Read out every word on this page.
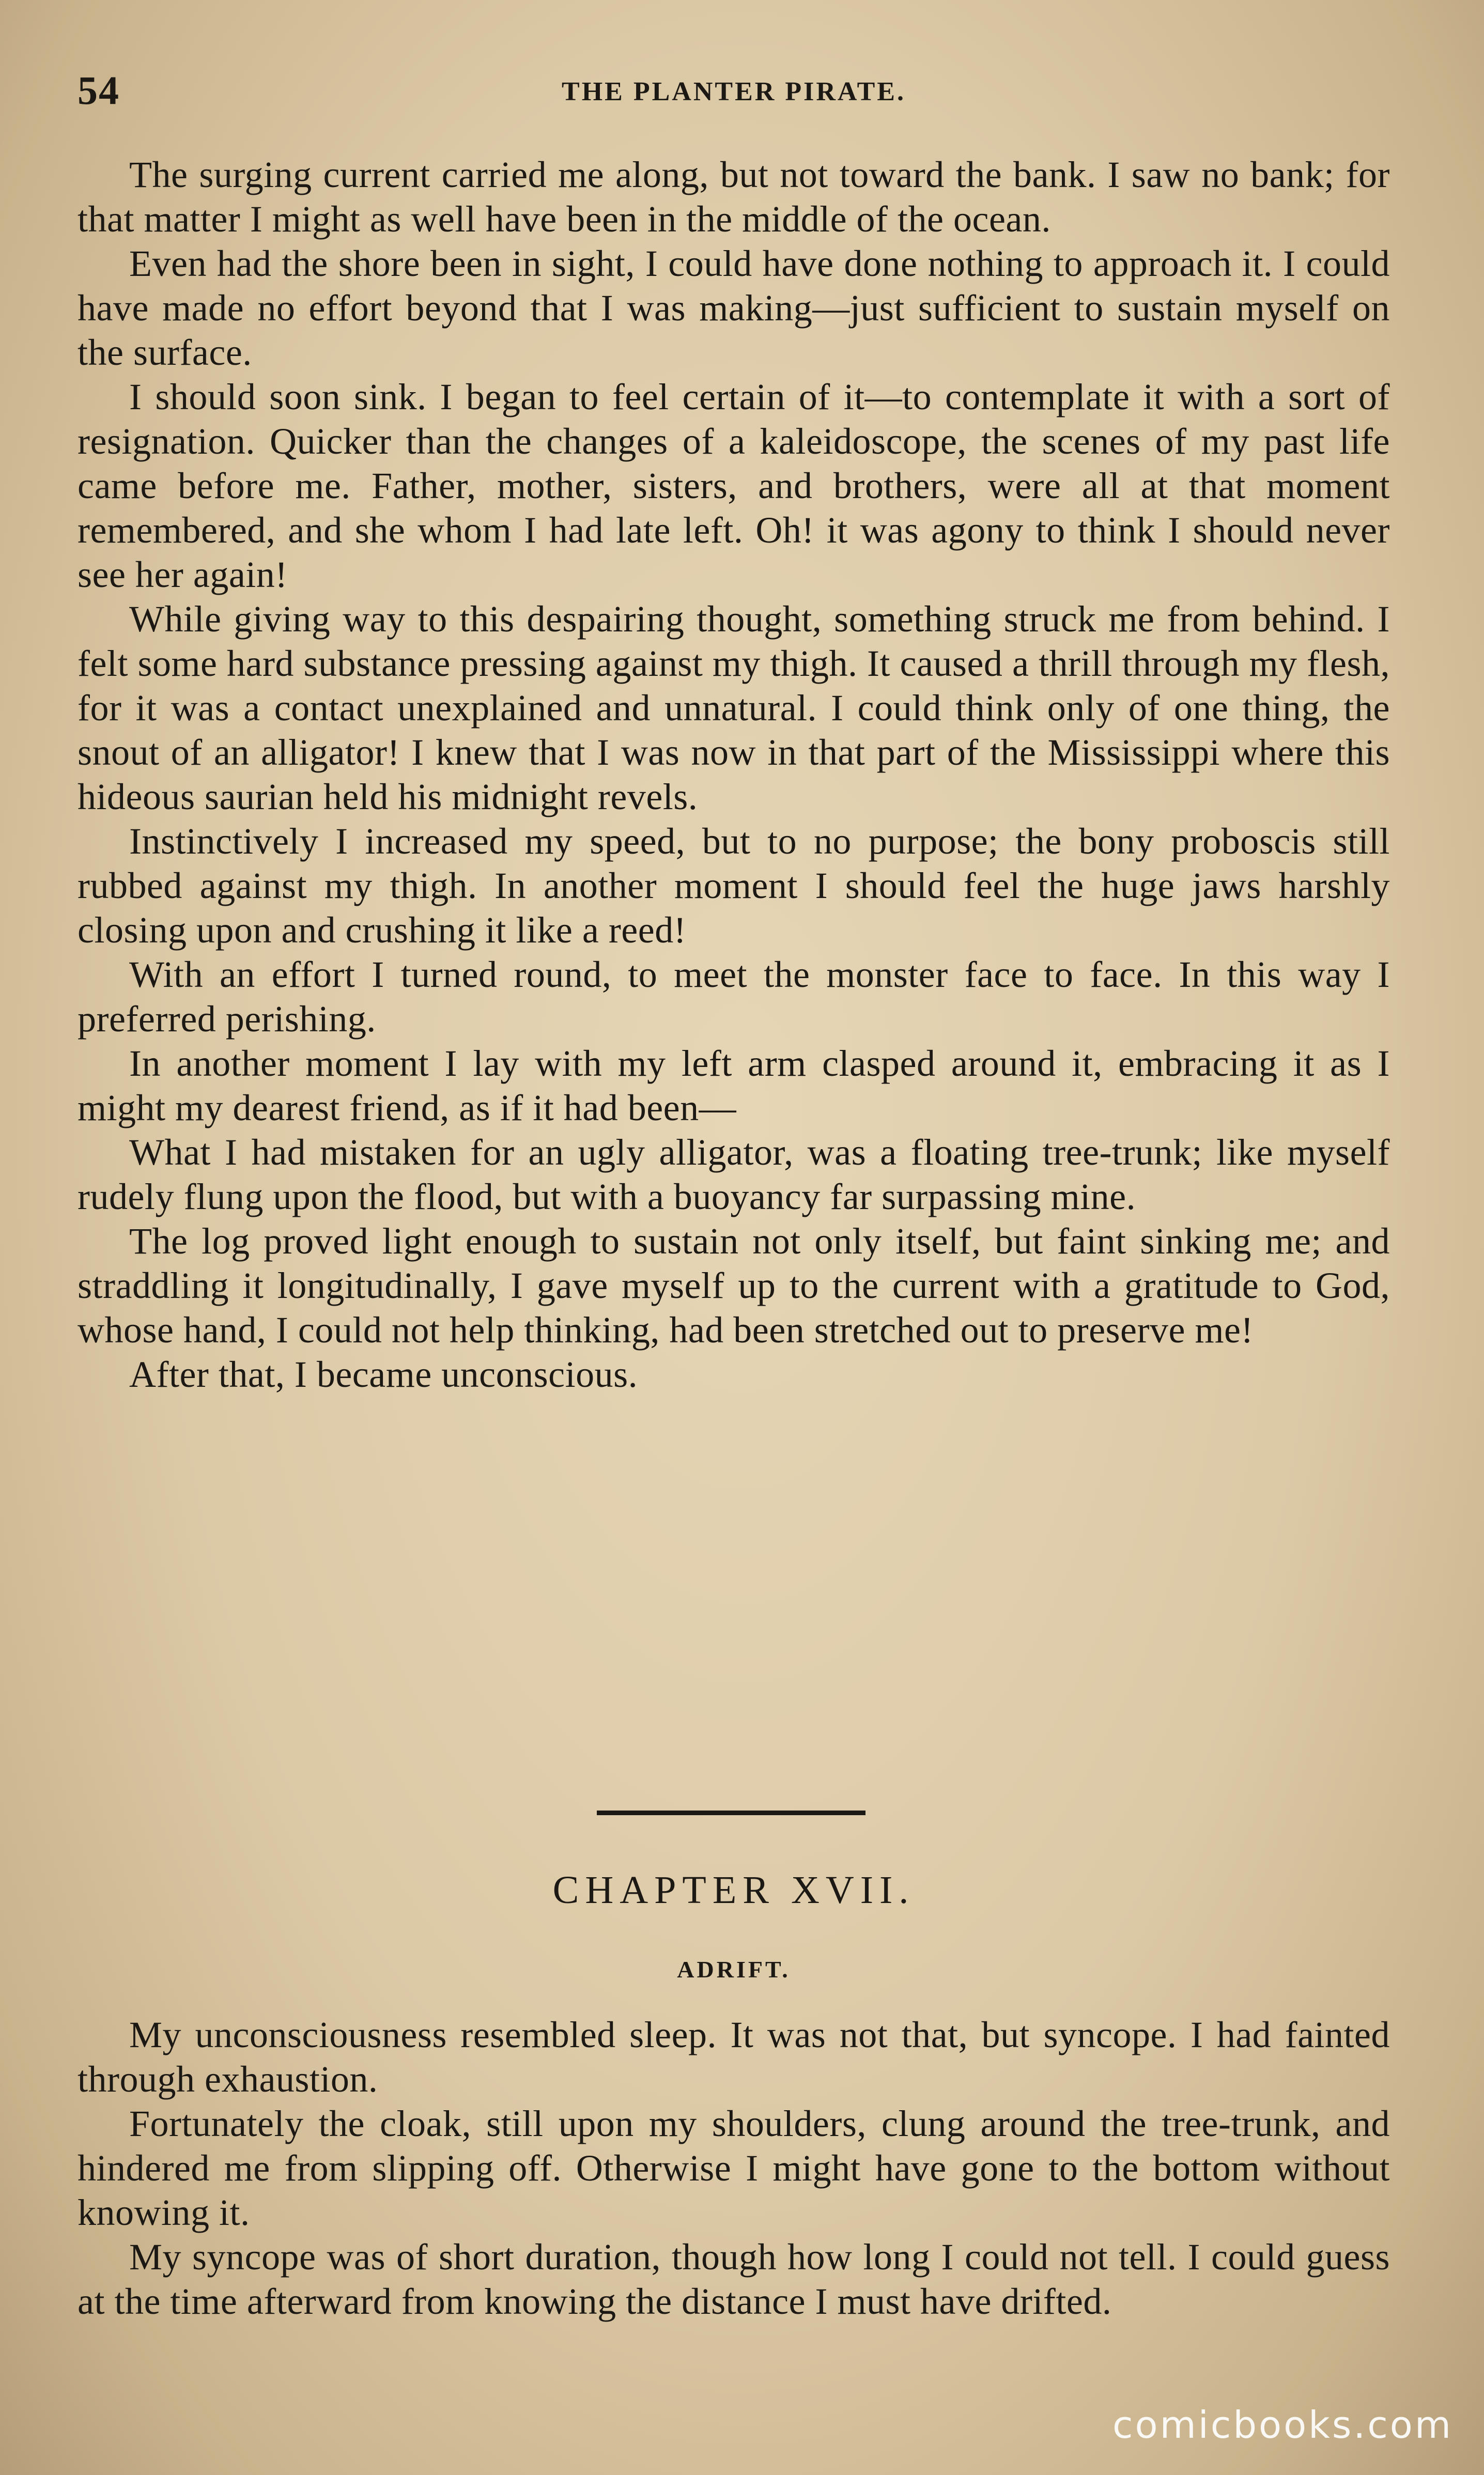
54	THE PLANTER PIRATE.

The surging current carried me along, but not toward the bank. I saw no bank; for that matter I might as well have been in the middle of the ocean.

Even had the shore been in sight, I could have done nothing to approach it. I could have made no effort beyond that I was making—just sufficient to sustain myself on the surface.

I should soon sink. I began to feel certain of it—to contemplate it with a sort of resignation. Quicker than the changes of a kaleidoscope, the scenes of my past life came before me. Father, mother, sisters, and brothers, were all at that moment remembered, and she whom I had late left. Oh! it was agony to think I should never see her again!

While giving way to this despairing thought, something struck me from behind. I felt some hard substance pressing against my thigh. It caused a thrill through my flesh, for it was a contact unexplained and unnatural. I could think only of one thing, the snout of an alligator! I knew that I was now in that part of the Mississippi where this hideous saurian held his midnight revels.

Instinctively I increased my speed, but to no purpose; the bony proboscis still rubbed against my thigh. In another moment I should feel the huge jaws harshly closing upon and crushing it like a reed!

With an effort I turned round, to meet the monster face to face. In this way I preferred perishing.

In another moment I lay with my left arm clasped around it, embracing it as I might my dearest friend, as if it had been—

What I had mistaken for an ugly alligator, was a floating tree-trunk; like myself rudely flung upon the flood, but with a buoyancy far surpassing mine.

The log proved light enough to sustain not only itself, but faint sinking me; and straddling it longitudinally, I gave myself up to the current with a gratitude to God, whose hand, I could not help thinking, had been stretched out to preserve me!

After that, I became unconscious.

CHAPTER XVII.
ADRIFT.

My unconsciousness resembled sleep. It was not that, but syncope. I had fainted through exhaustion.

Fortunately the cloak, still upon my shoulders, clung around the tree-trunk, and hindered me from slipping off. Otherwise I might have gone to the bottom without knowing it.

My syncope was of short duration, though how long I could not tell. I could guess at the time afterward from knowing the distance I must have drifted.

comicbooks.com
